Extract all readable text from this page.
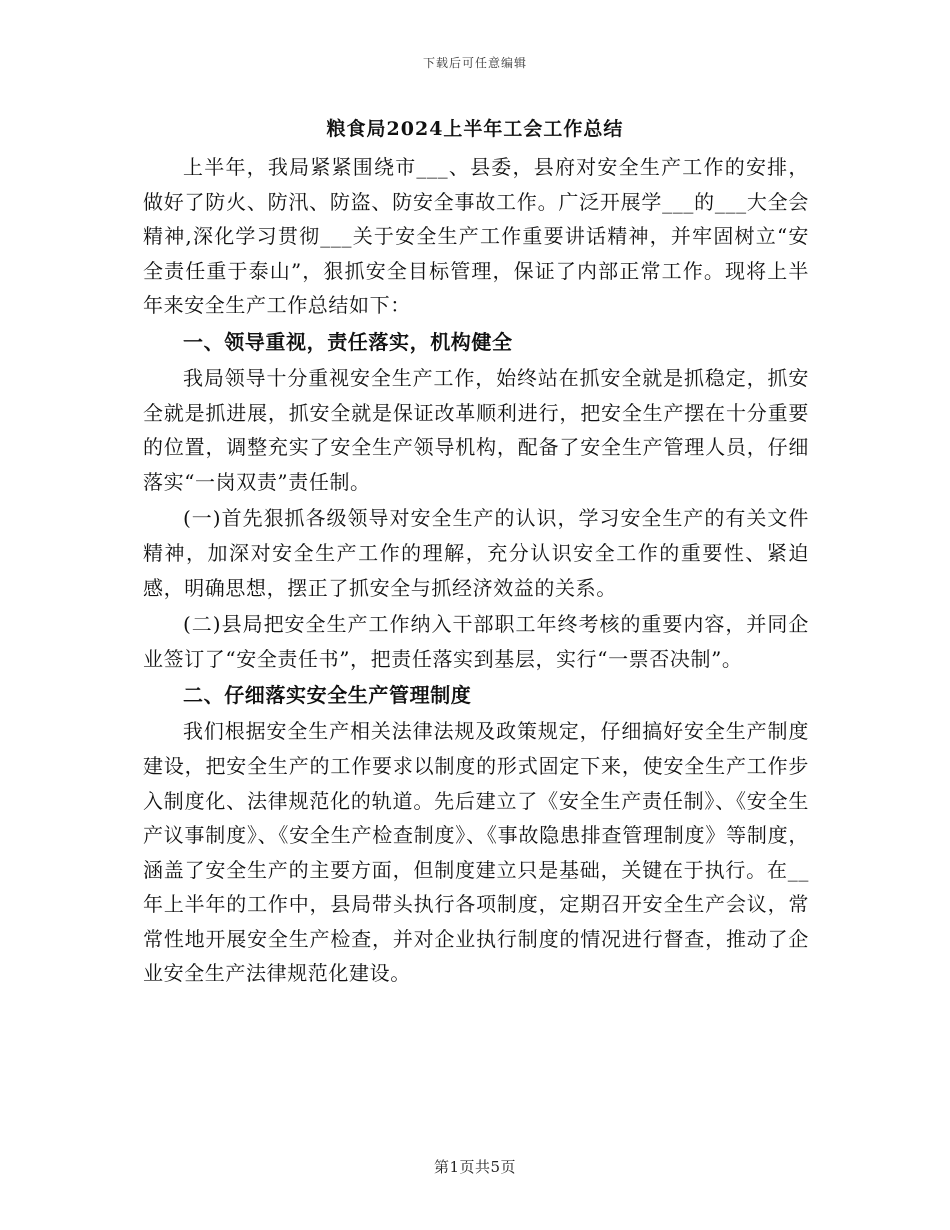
下载后可任意编辑
粮食局2024上半年工会工作总结

上半年，我局紧紧围绕市___、县委，县府对安全生产工作的安排，做好了防火、防汛、防盗、防安全事故工作。广泛开展学___的___大全会精神,深化学习贯彻___关于安全生产工作重要讲话精神，并牢固树立“安全责任重于泰山”，狠抓安全目标管理，保证了内部正常工作。现将上半年来安全生产工作总结如下：

一、领导重视，责任落实，机构健全

我局领导十分重视安全生产工作，始终站在抓安全就是抓稳定，抓安全就是抓进展，抓安全就是保证改革顺利进行，把安全生产摆在十分重要的位置，调整充实了安全生产领导机构，配备了安全生产管理人员，仔细落实“一岗双责”责任制。

(一)首先狠抓各级领导对安全生产的认识，学习安全生产的有关文件精神，加深对安全生产工作的理解，充分认识安全工作的重要性、紧迫感，明确思想，摆正了抓安全与抓经济效益的关系。

(二)县局把安全生产工作纳入干部职工年终考核的重要内容，并同企业签订了“安全责任书”，把责任落实到基层，实行“一票否决制”。

二、仔细落实安全生产管理制度

我们根据安全生产相关法律法规及政策规定，仔细搞好安全生产制度建设，把安全生产的工作要求以制度的形式固定下来，使安全生产工作步入制度化、法律规范化的轨道。先后建立了《安全生产责任制》、《安全生产议事制度》、《安全生产检查制度》、《事故隐患排查管理制度》等制度，涵盖了安全生产的主要方面，但制度建立只是基础，关键在于执行。在__年上半年的工作中，县局带头执行各项制度，定期召开安全生产会议，常常性地开展安全生产检查，并对企业执行制度的情况进行督查，推动了企业安全生产法律规范化建设。

第1页共5页
